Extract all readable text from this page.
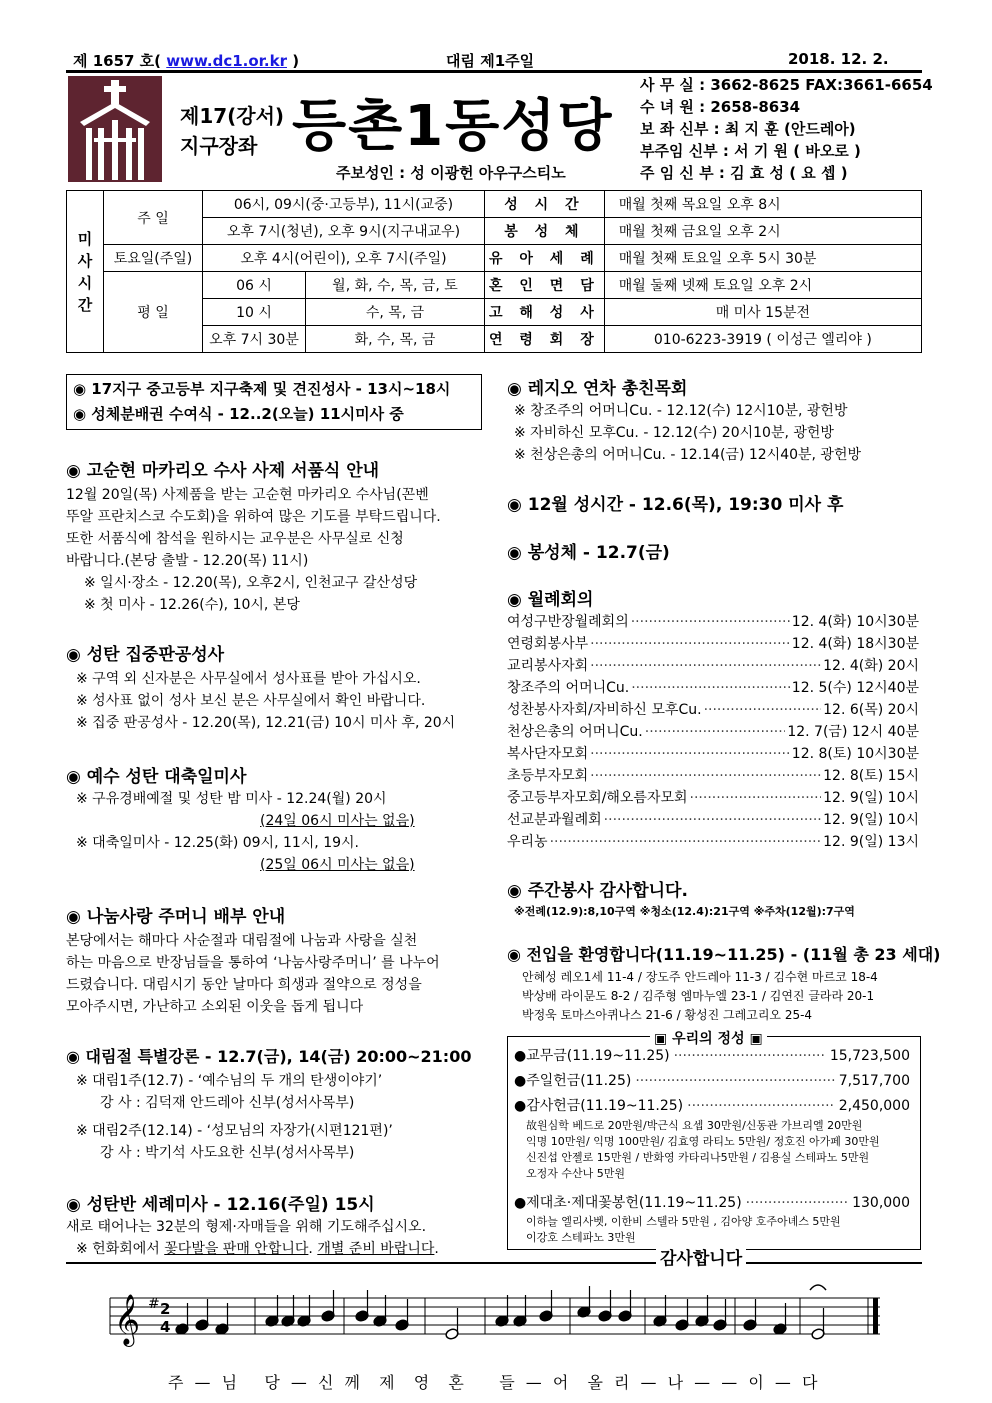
제 1657 호( www.dc1.or.kr )	대림 제1주일	2018. 12. 2.
제17(강서)
지구장좌 등촌1동성당
주보성인 : 성 이광헌 아우구스티노
사 무 실 : 3662-8625 FAX:3661-6654
수 녀 원 : 2658-8634
보 좌 신부 : 최 지 훈 (안드레아)
부주임 신부 : 서 기 원 ( 바오로 )
주 임 신 부 : 김 효 성 ( 요 셉 )
미
사
시
간	주 일	06시, 09시(중·고등부), 11시(교중)		성 시 간	매월 첫째 목요일 오후 8시
		오후 7시(청년), 오후 9시(지구내교우)		봉 성 체	매월 첫째 금요일 오후 2시
	토요일(주일)	오후 4시(어린이), 오후 7시(주일)		유 아 세 례	매월 첫째 토요일 오후 5시 30분
	평 일	06 시	월, 화, 수, 목, 금, 토	혼 인 면 담	매월 둘째 넷째 토요일 오후 2시
		10 시	수, 목, 금	고 해 성 사	매 미사 15분전
		오후 7시 30분	화, 수, 목, 금	연 령 회 장	010-6223-3919 ( 이성근 엘리야 )
◉ 17지구 중고등부 지구축제 및 견진성사 - 13시~18시
◉ 성체분배권 수여식 - 12..2(오늘) 11시미사 중
◉ 고순현 마카리오 수사 사제 서품식 안내
12월 20일(목) 사제품을 받는 고순현 마카리오 수사님(꼰벤
뚜알 프란치스코 수도회)을 위하여 많은 기도를 부탁드립니다.
또한 서품식에 참석을 원하시는 교우분은 사무실로 신청
바랍니다.(본당 출발 - 12.20(목) 11시)
※ 일시·장소 - 12.20(목), 오후2시, 인천교구 갈산성당
※ 첫 미사 - 12.26(수), 10시, 본당
◉ 성탄 집중판공성사
※ 구역 외 신자분은 사무실에서 성사표를 받아 가십시오.
※ 성사표 없이 성사 보신 분은 사무실에서 확인 바랍니다.
※ 집중 판공성사 - 12.20(목), 12.21(금) 10시 미사 후, 20시
◉ 예수 성탄 대축일미사
※ 구유경배예절 및 성탄 밤 미사 - 12.24(월) 20시
(24일 06시 미사는 없음)
※ 대축일미사 - 12.25(화) 09시, 11시, 19시.
(25일 06시 미사는 없음)
◉ 나눔사랑 주머니 배부 안내
본당에서는 해마다 사순절과 대림절에 나눔과 사랑을 실천
하는 마음으로 반장님들을 통하여 ‘나눔사랑주머니’ 를 나누어
드렸습니다. 대림시기 동안 날마다 희생과 절약으로 정성을
모아주시면, 가난하고 소외된 이웃을 돕게 됩니다
◉ 대림절 특별강론 - 12.7(금), 14(금) 20:00~21:00
※ 대림1주(12.7) - ‘예수님의 두 개의 탄생이야기’
강 사 : 김덕재 안드레아 신부(성서사목부)
※ 대림2주(12.14) - ‘성모님의 자장가(시편121편)’
강 사 : 박기석 사도요한 신부(성서사목부)
◉ 성탄반 세례미사 - 12.16(주일) 15시
새로 태어나는 32분의 형제·자매들을 위해 기도해주십시오.
※ 헌화회에서 꽃다발을 판매 안합니다. 개별 준비 바랍니다.
◉ 레지오 연차 총친목회
※ 창조주의 어머니Cu. - 12.12(수) 12시10분, 광헌방
※ 자비하신 모후Cu. - 12.12(수) 20시10분, 광헌방
※ 천상은총의 어머니Cu. - 12.14(금) 12시40분, 광헌방
◉ 12월 성시간 - 12.6(목), 19:30 미사 후
◉ 봉성체 - 12.7(금)
◉ 월례회의
여성구반장월례회의 ·····	12. 4(화) 10시30분
연령회봉사부 ·····	12. 4(화) 18시30분
교리봉사자회 ·····	12. 4(화) 20시
창조주의 어머니Cu. ·····	12. 5(수) 12시40분
성찬봉사자회/자비하신 모후Cu. ·····	12. 6(목) 20시
천상은총의 어머니Cu. ·····	12. 7(금) 12시 40분
복사단자모회 ·····	12. 8(토) 10시30분
초등부자모회 ·····	12. 8(토) 15시
중고등부자모회/해오름자모회 ·····	12. 9(일) 10시
선교분과월례회 ·····	12. 9(일) 10시
우리농 ·····	12. 9(일) 13시
◉ 주간봉사 감사합니다.
※전례(12.9):8,10구역 ※청소(12.4):21구역 ※주차(12월):7구역
◉ 전입을 환영합니다(11.19~11.25) - (11월 총 23 세대)
안혜성 레오1세 11-4 / 장도주 안드레아 11-3 / 김수현 마르코 18-4
박상배 라이문도 8-2 / 김주형 엠마누엘 23-1 / 김연진 글라라 20-1
박정욱 토마스아퀴나스 21-6 / 황성진 그레고리오 25-4
▣ 우리의 정성 ▣
●교무금(11.19~11.25) ·····	15,723,500
●주일헌금(11.25) ·····	7,517,700
●감사헌금(11.19~11.25) ·····	2,450,000
故원심학 베드로 20만원/박근식 요셉 30만원/신동관 가브리엘 20만원
익명 10만원/ 익명 100만원/ 김효영 라티노 5만원/ 정호진 아가페 30만원
신진섭 안젤로 15만원 / 반화영 카타리나5만원 / 김용실 스테파노 5만원
오정자 수산나 5만원
●제대초·제대꽃봉헌(11.19~11.25) ·····	130,000
이하늘 엘리사벳, 이한비 스텔라 5만원 , 김아양 호주아녜스 5만원
이강호 스테파노 3만원
감사합니다
𝄞 # 2
4
주 — 님   당 — 신 께  제  영  혼    들 — 어  올 리 — 나 — — 이 — 다
